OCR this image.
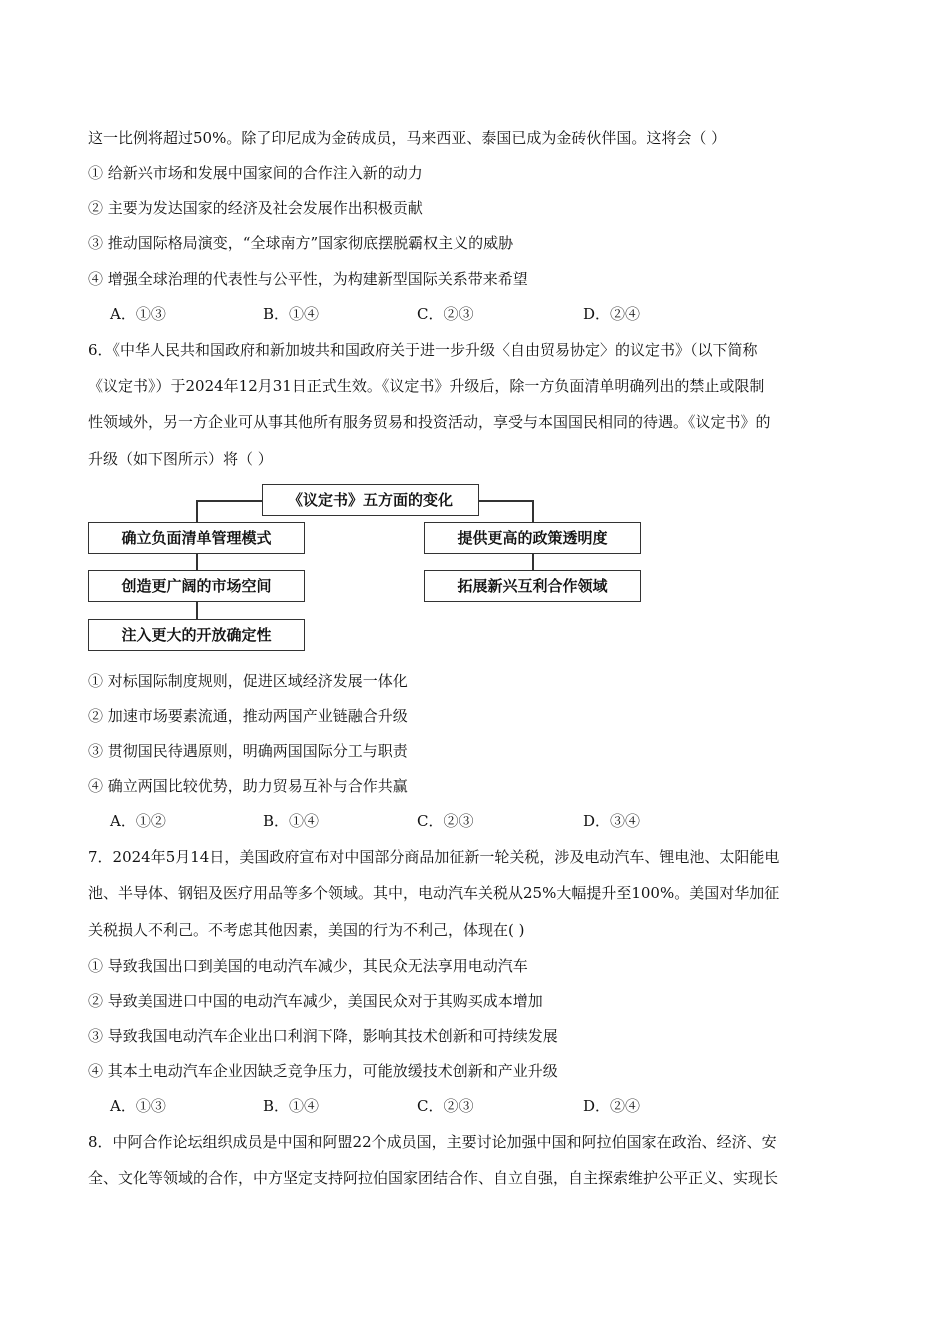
这一比例将超过50%。除了印尼成为金砖成员，马来西亚、泰国已成为金砖伙伴国。这将会（ ）
① 给新兴市场和发展中国家间的合作注入新的动力
② 主要为发达国家的经济及社会发展作出积极贡献
③ 推动国际格局演变，“全球南方”国家彻底摆脱霸权主义的威胁
④ 增强全球治理的代表性与公平性，为构建新型国际关系带来希望
A．①③	B．①④	C．②③	D．②④
6．《中华人民共和国政府和新加坡共和国政府关于进一步升级〈自由贸易协定〉的议定书》（以下简称
《议定书》）于2024年12月31日正式生效。《议定书》升级后，除一方负面清单明确列出的禁止或限制
性领域外，另一方企业可从事其他所有服务贸易和投资活动，享受与本国国民相同的待遇。《议定书》的
升级（如下图所示）将（ ）
《议定书》五方面的变化
确立负面清单管理模式
创造更广阔的市场空间
注入更大的开放确定性
提供更高的政策透明度
拓展新兴互利合作领域
① 对标国际制度规则，促进区域经济发展一体化
② 加速市场要素流通，推动两国产业链融合升级
③ 贯彻国民待遇原则，明确两国国际分工与职责
④ 确立两国比较优势，助力贸易互补与合作共赢
A．①②	B．①④	C．②③	D．③④
7．2024年5月14日，美国政府宣布对中国部分商品加征新一轮关税，涉及电动汽车、锂电池、太阳能电
池、半导体、钢铝及医疗用品等多个领域。其中，电动汽车关税从25%大幅提升至100%。美国对华加征
关税损人不利己。不考虑其他因素，美国的行为不利己，体现在( )
① 导致我国出口到美国的电动汽车减少，其民众无法享用电动汽车
② 导致美国进口中国的电动汽车减少，美国民众对于其购买成本增加
③ 导致我国电动汽车企业出口利润下降，影响其技术创新和可持续发展
④ 其本土电动汽车企业因缺乏竞争压力，可能放缓技术创新和产业升级
A．①③	B．①④	C．②③	D．②④
8．中阿合作论坛组织成员是中国和阿盟22个成员国，主要讨论加强中国和阿拉伯国家在政治、经济、安
全、文化等领域的合作，中方坚定支持阿拉伯国家团结合作、自立自强，自主探索维护公平正义、实现长
